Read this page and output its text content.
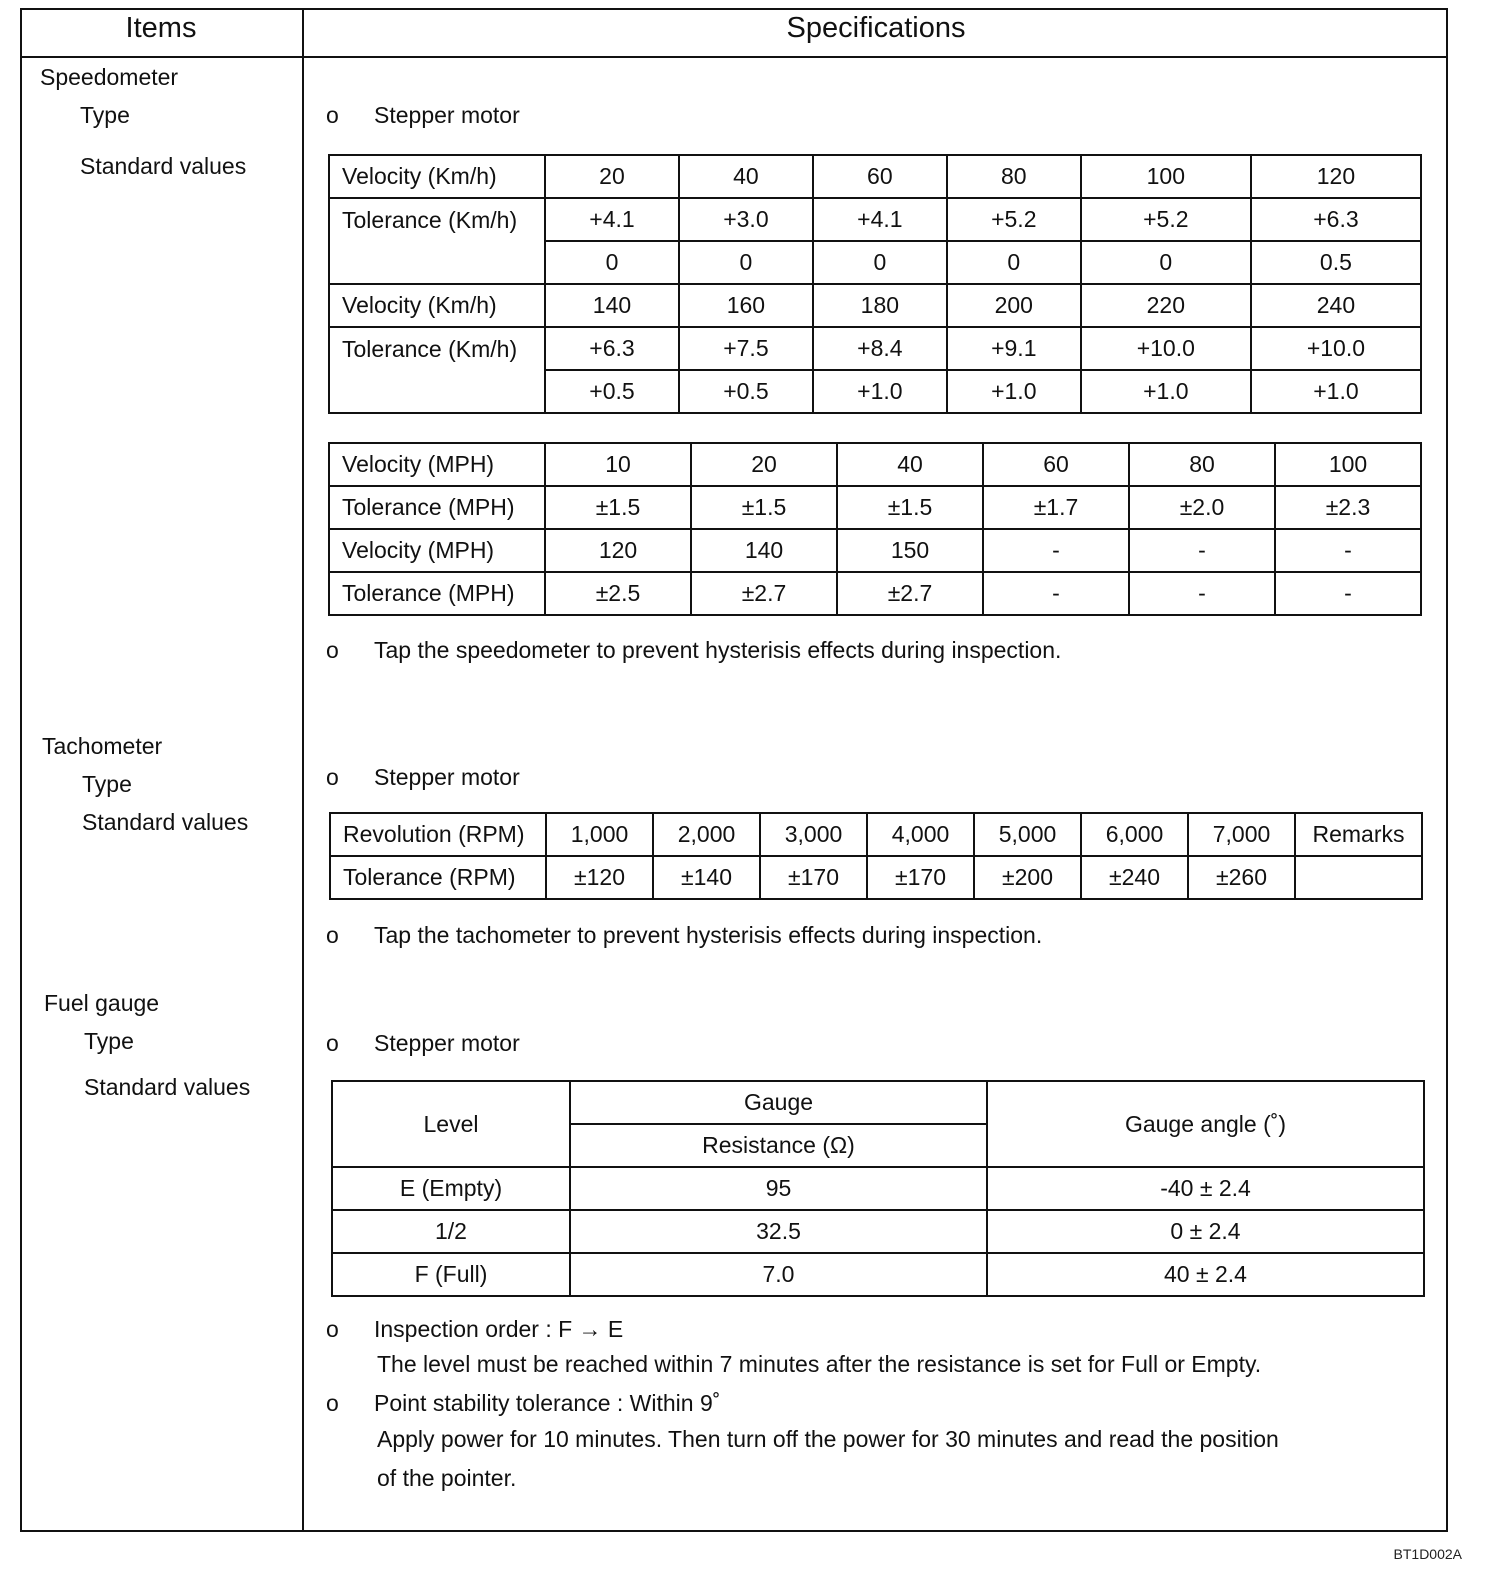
Items	Specifications
Speedometer
Type
Standard values
o Stepper motor
Velocity (Km/h)	20	40	60	80	100	120
Tolerance (Km/h)	+4.1	+3.0	+4.1	+5.2	+5.2	+6.3
	0	0	0	0	0	0.5
Velocity (Km/h)	140	160	180	200	220	240
Tolerance (Km/h)	+6.3	+7.5	+8.4	+9.1	+10.0	+10.0
	+0.5	+0.5	+1.0	+1.0	+1.0	+1.0
Velocity (MPH)	10	20	40	60	80	100
Tolerance (MPH)	±1.5	±1.5	±1.5	±1.7	±2.0	±2.3
Velocity (MPH)	120	140	150	-	-	-
Tolerance (MPH)	±2.5	±2.7	±2.7	-	-	-
o Tap the speedometer to prevent hysterisis effects during inspection.
Tachometer
Type
Standard values
o Stepper motor
Revolution (RPM)	1,000	2,000	3,000	4,000	5,000	6,000	7,000	Remarks
Tolerance (RPM)	±120	±140	±170	±170	±200	±240	±260	
o Tap the tachometer to prevent hysterisis effects during inspection.
Fuel gauge
Type
Standard values
o Stepper motor
Level	Gauge	Gauge angle (˚)
	Resistance (Ω)	
E (Empty)	95	-40 ± 2.4
1/2	32.5	0 ± 2.4
F (Full)	7.0	40 ± 2.4
o Inspection order : F → E
The level must be reached within 7 minutes after the resistance is set for Full or Empty.
o Point stability tolerance : Within 9˚
Apply power for 10 minutes. Then turn off the power for 30 minutes and read the position
of the pointer.
BT1D002A
